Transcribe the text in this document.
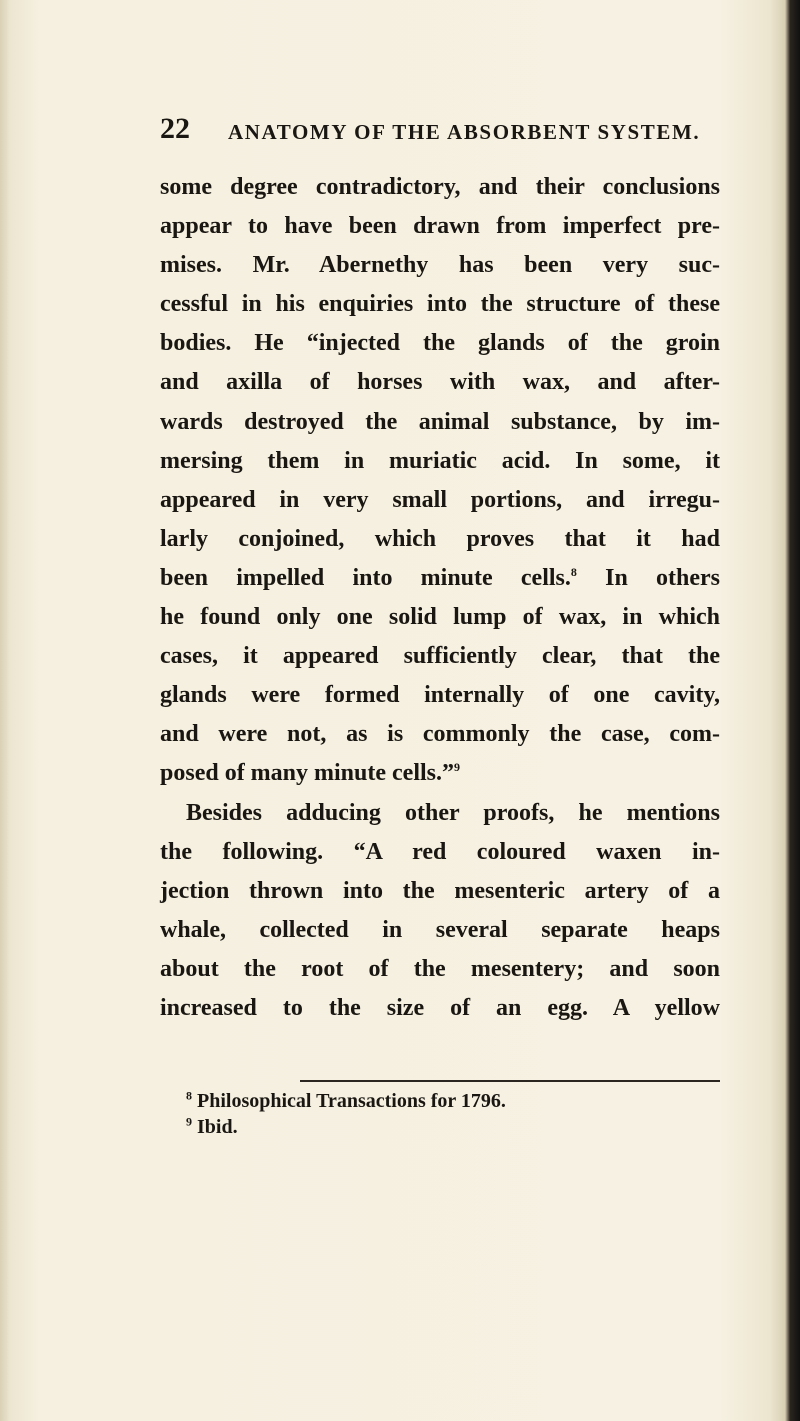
22 ANATOMY OF THE ABSORBENT SYSTEM.
some degree contradictory, and their conclusions
appear to have been drawn from imperfect pre-
mises. Mr. Abernethy has been very suc-
cessful in his enquiries into the structure of these
bodies. He “injected the glands of the groin
and axilla of horses with wax, and after-
wards destroyed the animal substance, by im-
mersing them in muriatic acid. In some, it
appeared in very small portions, and irregu-
larly conjoined, which proves that it had
been impelled into minute cells.$^8$ In others
he found only one solid lump of wax, in which
cases, it appeared sufficiently clear, that the
glands were formed internally of one cavity,
and were not, as is commonly the case, com-
posed of many minute cells.”$^9$
Besides adducing other proofs, he mentions
the following. “A red coloured waxen in-
jection thrown into the mesenteric artery of a
whale, collected in several separate heaps
about the root of the mesentery; and soon
increased to the size of an egg. A yellow
$^8$ Philosophical Transactions for 1796.
$^9$ Ibid.
